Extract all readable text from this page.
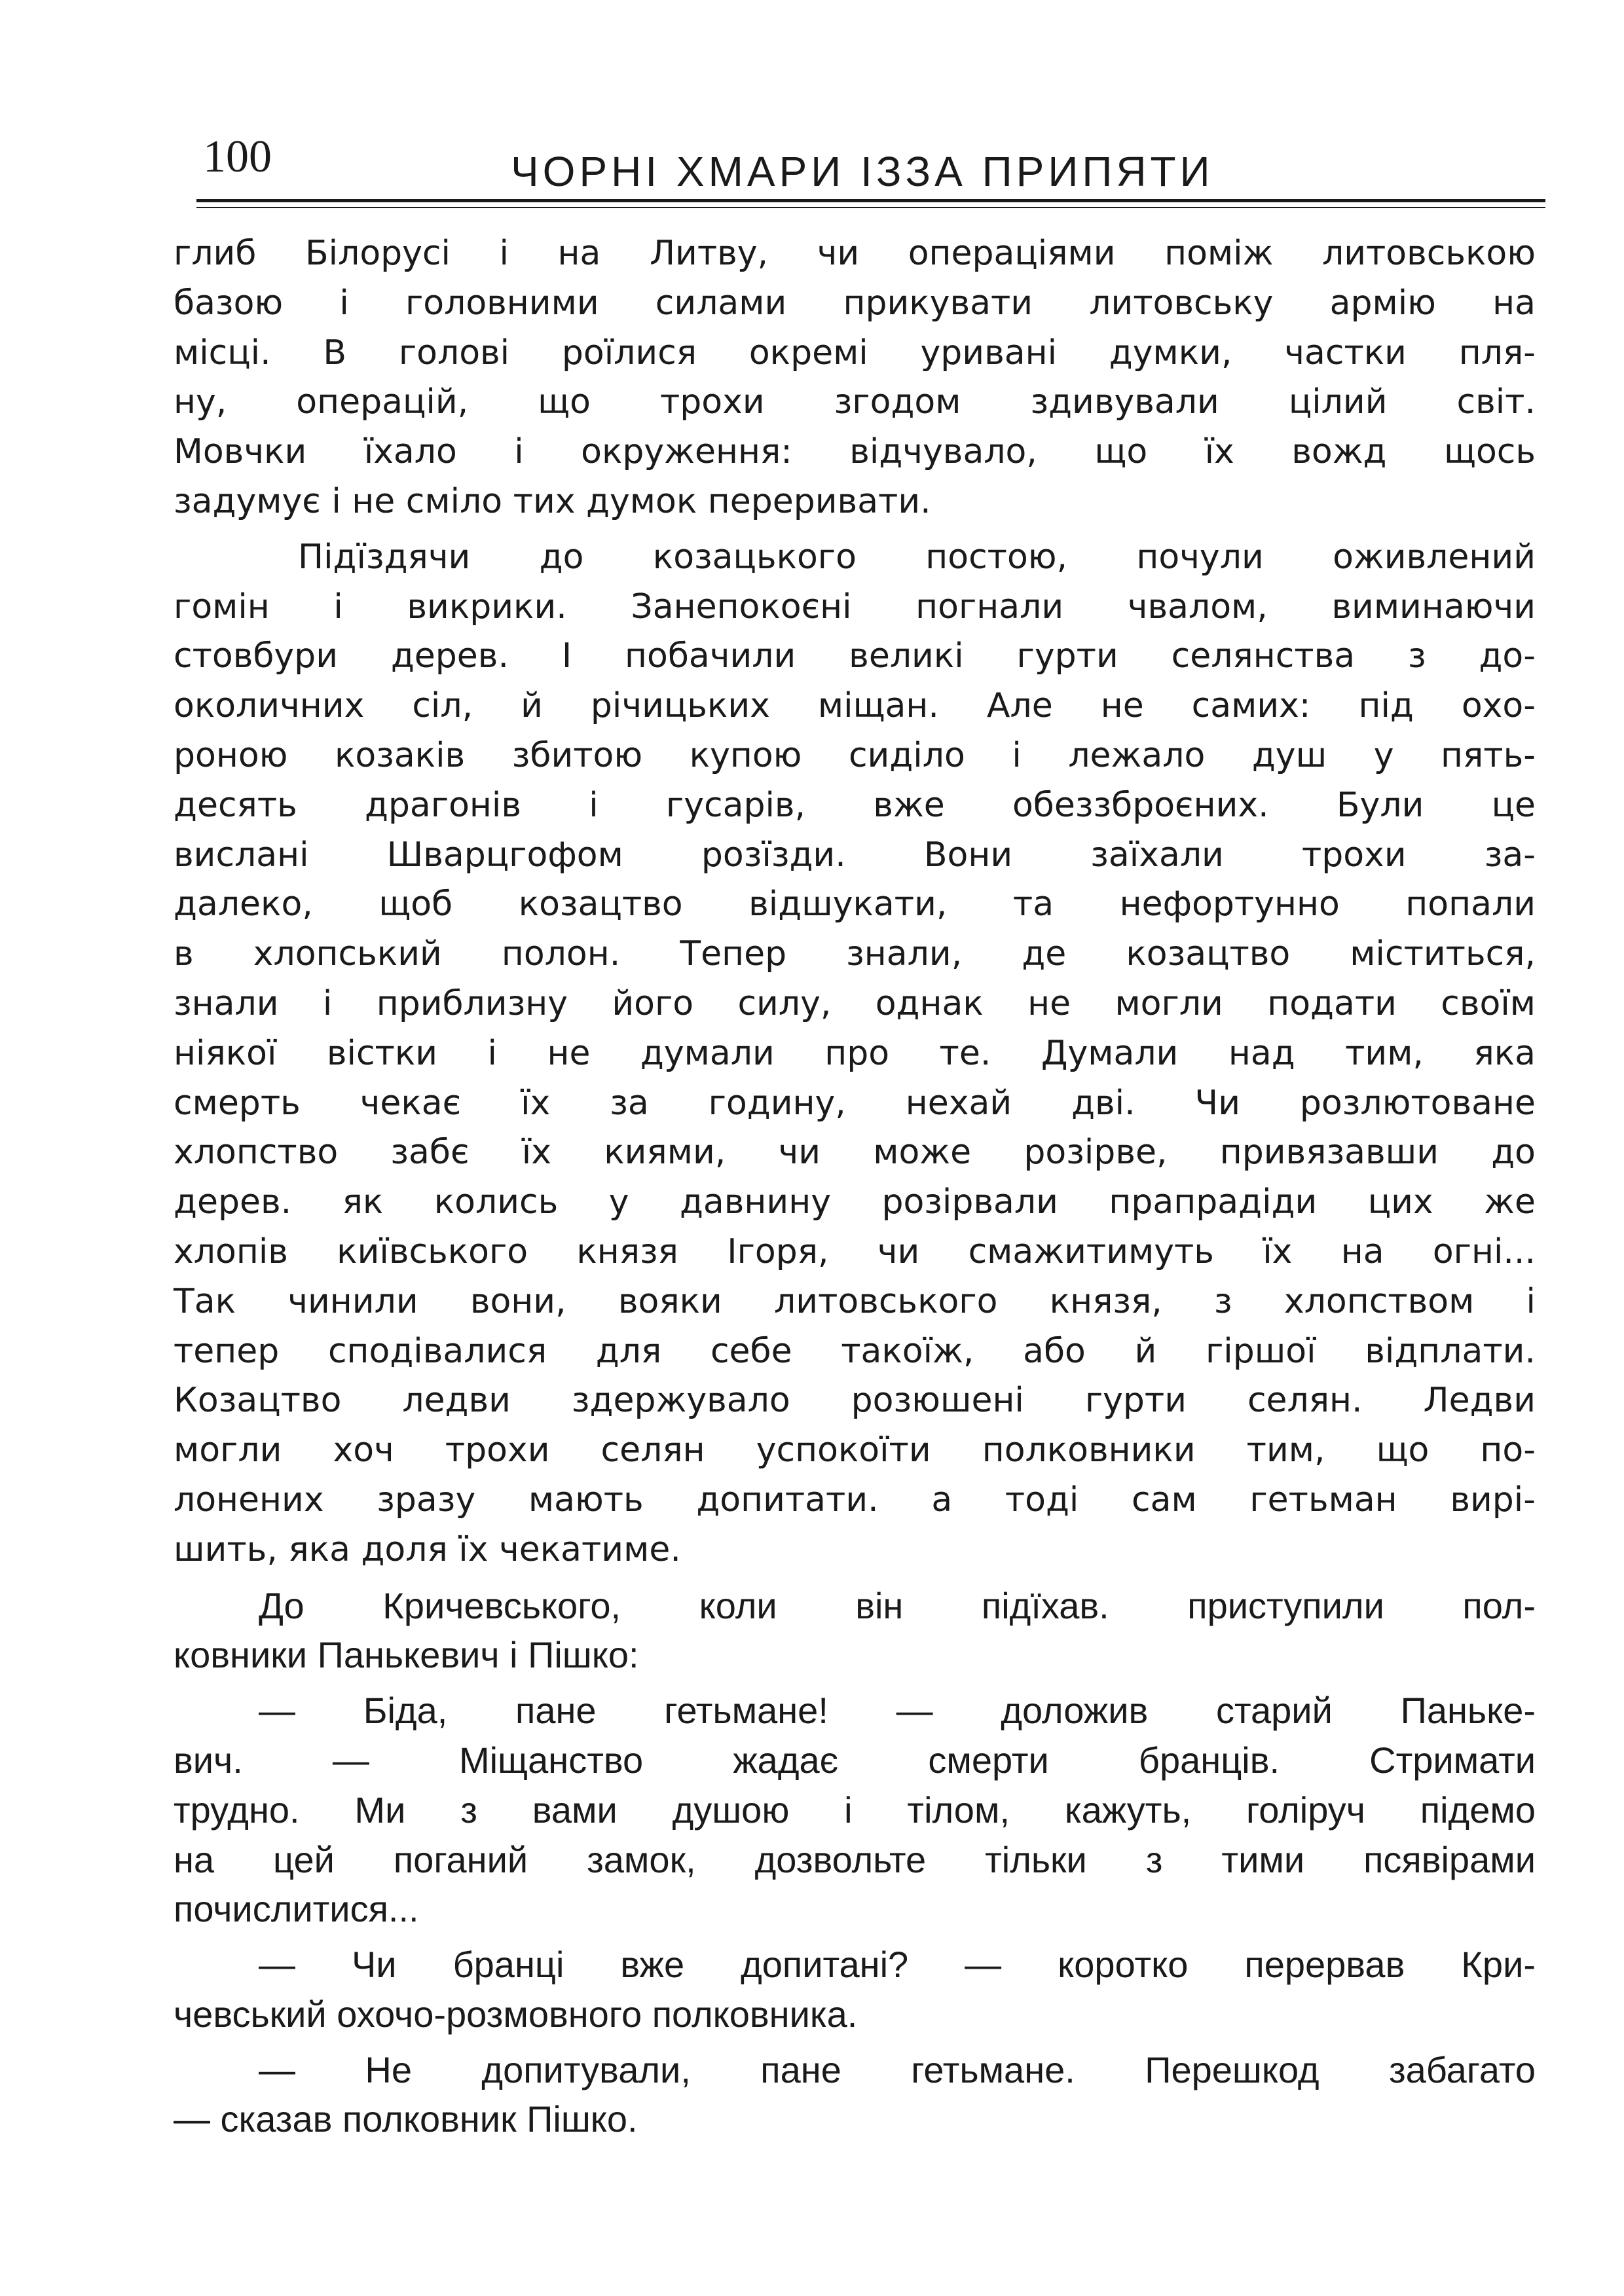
100	ЧОРНІ ХМАРИ ІЗЗА ПРИПЯТИ

глиб Білорусі і на Литву, чи операціями поміж литовською
базою і головними силами прикувати литовську армію на
місці. В голові роїлися окремі уривані думки, частки пля-
ну, операцій, що трохи згодом здивували цілий світ.
Мовчки їхало і окруження: відчувало, що їх вожд щось
задумує і не сміло тих думок переривати.

Підїздячи до козацького постою, почули оживлений
гомін і викрики. Занепокоєні погнали чвалом, виминаючи
стовбури дерев. І побачили великі гурти селянства з до-
околичних сіл, й річицьких міщан. Але не самих: під охо-
роною козаків збитою купою сиділо і лежало душ у пять-
десять драгонів і гусарів, вже обеззброєних. Були це
вислані Шварцгофом розїзди. Вони заїхали трохи за-
далеко, щоб козацтво відшукати, та нефортунно попали
в хлопський полон. Тепер знали, де козацтво міститься,
знали і приблизну його силу, однак не могли подати своїм
ніякої вістки і не думали про те. Думали над тим, яка
смерть чекає їх за годину, нехай дві. Чи розлютоване
хлопство забє їх киями, чи може розірве, привязавши до
дерев. як колись у давнину розірвали прапрадіди цих же
хлопів київського князя Ігоря, чи смажитимуть їх на огні...
Так чинили вони, вояки литовського князя, з хлопством і
тепер сподівалися для себе такоїж, або й гіршої відплати.
Козацтво ледви здержувало розюшені гурти селян. Ледви
могли хоч трохи селян успокоїти полковники тим, що по-
лонених зразу мають допитати. а тоді сам гетьман вирі-
шить, яка доля їх чекатиме.

До Кричевського, коли він підїхав. приступили пол-
ковники Панькевич і Пішко:

— Біда, пане гетьмане! — доложив старий Паньке-
вич. — Міщанство жадає смерти бранців. Стримати
трудно. Ми з вами душою і тілом, кажуть, голіруч підемо
на цей поганий замок, дозвольте тільки з тими псявірами
почислитися...

— Чи бранці вже допитані? — коротко перервав Кри-
чевський охочо-розмовного полковника.

— Не допитували, пане гетьмане. Перешкод забагато
— сказав полковник Пішко.
